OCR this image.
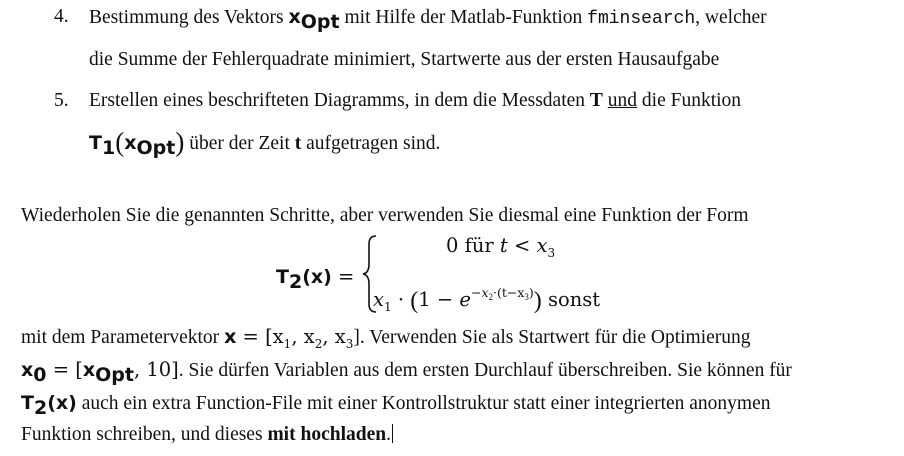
4. Bestimmung des Vektors $x_{Opt}$ mit Hilfe der Matlab-Funktion fminsearch, welcher
die Summe der Fehlerquadrate minimiert, Startwerte aus der ersten Hausaufgabe
5. Erstellen eines beschrifteten Diagramms, in dem die Messdaten T und die Funktion
$T_1(x_{Opt})$ über der Zeit t aufgetragen sind.
Wiederholen Sie die genannten Schritte, aber verwenden Sie diesmal eine Funktion der Form
$T_2(x)$ =
0 für $t < x_3$
$x_1 \cdot (1 - e^{-x_2\cdot(t-x_3)})$ sonst
mit dem Parametervektor $x = [x_1$, $x_2$, $x_3$]. Verwenden Sie als Startwert für die Optimierung
$x_0 = [x_{Opt}$, 10]. Sie dürfen Variablen aus dem ersten Durchlauf überschreiben. Sie können für
$T_2(x)$ auch ein extra Function-File mit einer Kontrollstruktur statt einer integrierten anonymen
Funktion schreiben, und dieses mit hochladen.
